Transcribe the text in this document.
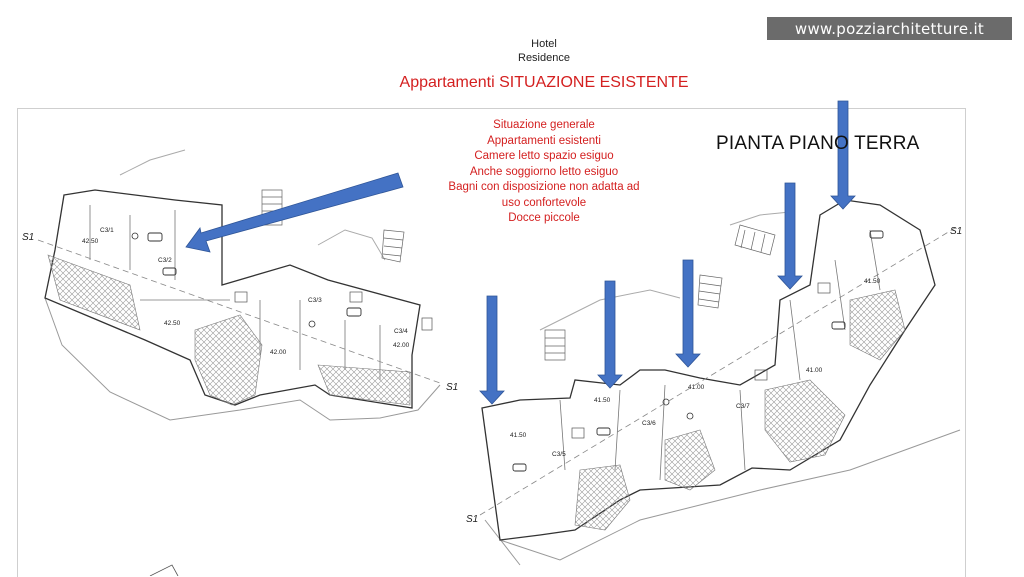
www.pozziarchitetture.it
Hotel
Residence
Appartamenti SITUAZIONE ESISTENTE
S1
S1
S1
S1
C3/1
C3/2
C3/3
C3/4
C3/5
C3/6
C3/7
42.50
42.50
42.00
42.00
41.50
41.50
41.50
41.00
41.00
Situazione generale
Appartamenti esistenti
Camere letto spazio esiguo
Anche soggiorno letto esiguo
Bagni con disposizione non adatta ad
uso confortevole
Docce piccole
PIANTA PIANO TERRA
